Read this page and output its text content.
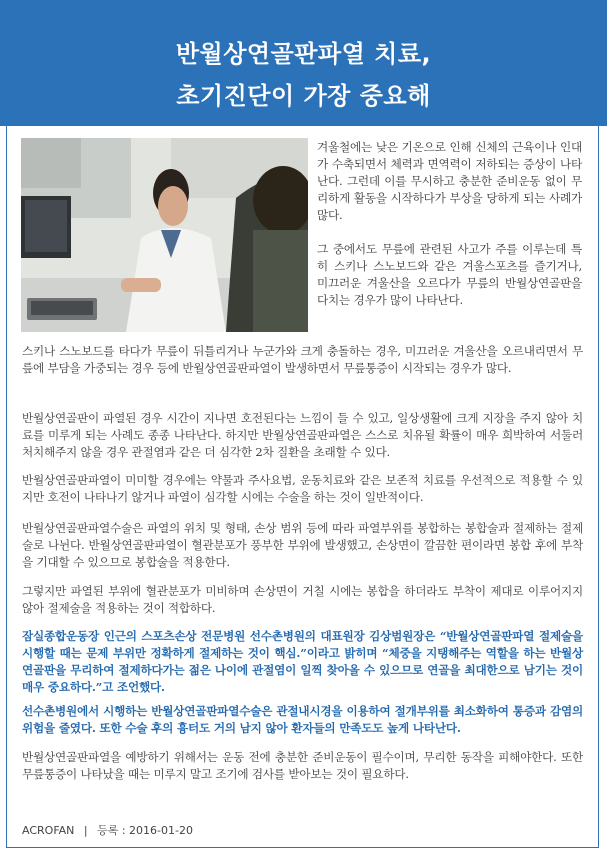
반월상연골판파열 치료,
초기진단이 가장 중요해

겨울철에는 낮은 기온으로 인해 신체의 근육이나 인대가 수축되면서 체력과 면역력이 저하되는 증상이 나타난다. 그런데 이를 무시하고 충분한 준비운동 없이 무리하게 활동을 시작하다가 부상을 당하게 되는 사례가 많다.

그 중에서도 무릎에 관련된 사고가 주를 이루는데 특히 스키나 스노보드와 같은 겨울스포츠를 즐기거나, 미끄러운 겨울산을 오르다가 무릎의 반월상연골판을 다치는 경우가 많이 나타난다.

스키나 스노보드를 타다가 무릎이 뒤틀리거나 누군가와 크게 충돌하는 경우, 미끄러운 겨울산을 오르내리면서 무릎에 부담을 가중되는 경우 등에 반월상연골판파열이 발생하면서 무릎통증이 시작되는 경우가 많다.

반월상연골판이 파열된 경우 시간이 지나면 호전된다는 느낌이 들 수 있고, 일상생활에 크게 지장을 주지 않아 치료를 미루게 되는 사례도 종종 나타난다. 하지만 반월상연골판파열은 스스로 치유될 확률이 매우 희박하여 서둘러 처치해주지 않을 경우 관절염과 같은 더 심각한 2차 질환을 초래할 수 있다.

반월상연골판파열이 미미할 경우에는 약물과 주사요법, 운동치료와 같은 보존적 치료를 우선적으로 적용할 수 있지만 호전이 나타나기 않거나 파열이 심각할 시에는 수술을 하는 것이 일반적이다.

반월상연골판파열수술은 파열의 위치 및 형태, 손상 범위 등에 따라 파열부위를 봉합하는 봉합술과 절제하는 절제술로 나뉜다. 반월상연골판파열이 혈관분포가 풍부한 부위에 발생했고, 손상면이 깔끔한 편이라면 봉합 후에 부착을 기대할 수 있으므로 봉합술을 적용한다.

그렇지만 파열된 부위에 혈관분포가 미비하며 손상면이 거칠 시에는 봉합을 하더라도 부착이 제대로 이루어지지 않아 절제술을 적용하는 것이 적합하다.

잠실종합운동장 인근의 스포츠손상 전문병원 선수촌병원의 대표원장 김상범원장은 “반월상연골판파열 절제술을 시행할 때는 문제 부위만 정확하게 절제하는 것이 핵심.”이라고 밝히며 “체중을 지탱해주는 역할을 하는 반월상연골판을 무리하여 절제하다가는 젊은 나이에 관절염이 일찍 찾아올 수 있으므로 연골을 최대한으로 남기는 것이 매우 중요하다.”고 조언했다.

선수촌병원에서 시행하는 반월상연골판파열수술은 관절내시경을 이용하여 절개부위를 최소화하여 통증과 감염의 위험을 줄였다. 또한 수술 후의 흉터도 거의 남지 않아 환자들의 만족도도 높게 나타난다.

반월상연골판파열을 예방하기 위해서는 운동 전에 충분한 준비운동이 필수이며, 무리한 동작을 피해야한다. 또한 무릎통증이 나타났을 때는 미루지 말고 조기에 검사를 받아보는 것이 필요하다.

ACROFAN | 등록 : 2016-01-20
